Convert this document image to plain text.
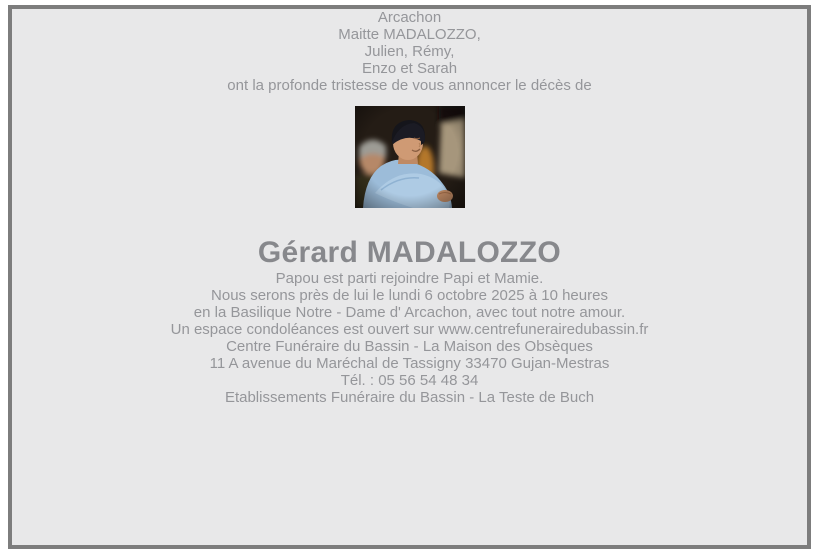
Arcachon

Maitte MADALOZZO,
Julien, Rémy,
Enzo et Sarah

ont la profonde tristesse de vous annoncer le décès de

Gérard MADALOZZO

Papou est parti rejoindre Papi et Mamie.

Nous serons près de lui le lundi 6 octobre 2025 à 10 heures
en la Basilique Notre - Dame d' Arcachon, avec tout notre amour.

Un espace condoléances est ouvert sur www.centrefunerairedubassin.fr

Centre Funéraire du Bassin - La Maison des Obsèques
11 A avenue du Maréchal de Tassigny 33470 Gujan-Mestras
Tél. : 05 56 54 48 34

Etablissements Funéraire du Bassin - La Teste de Buch
